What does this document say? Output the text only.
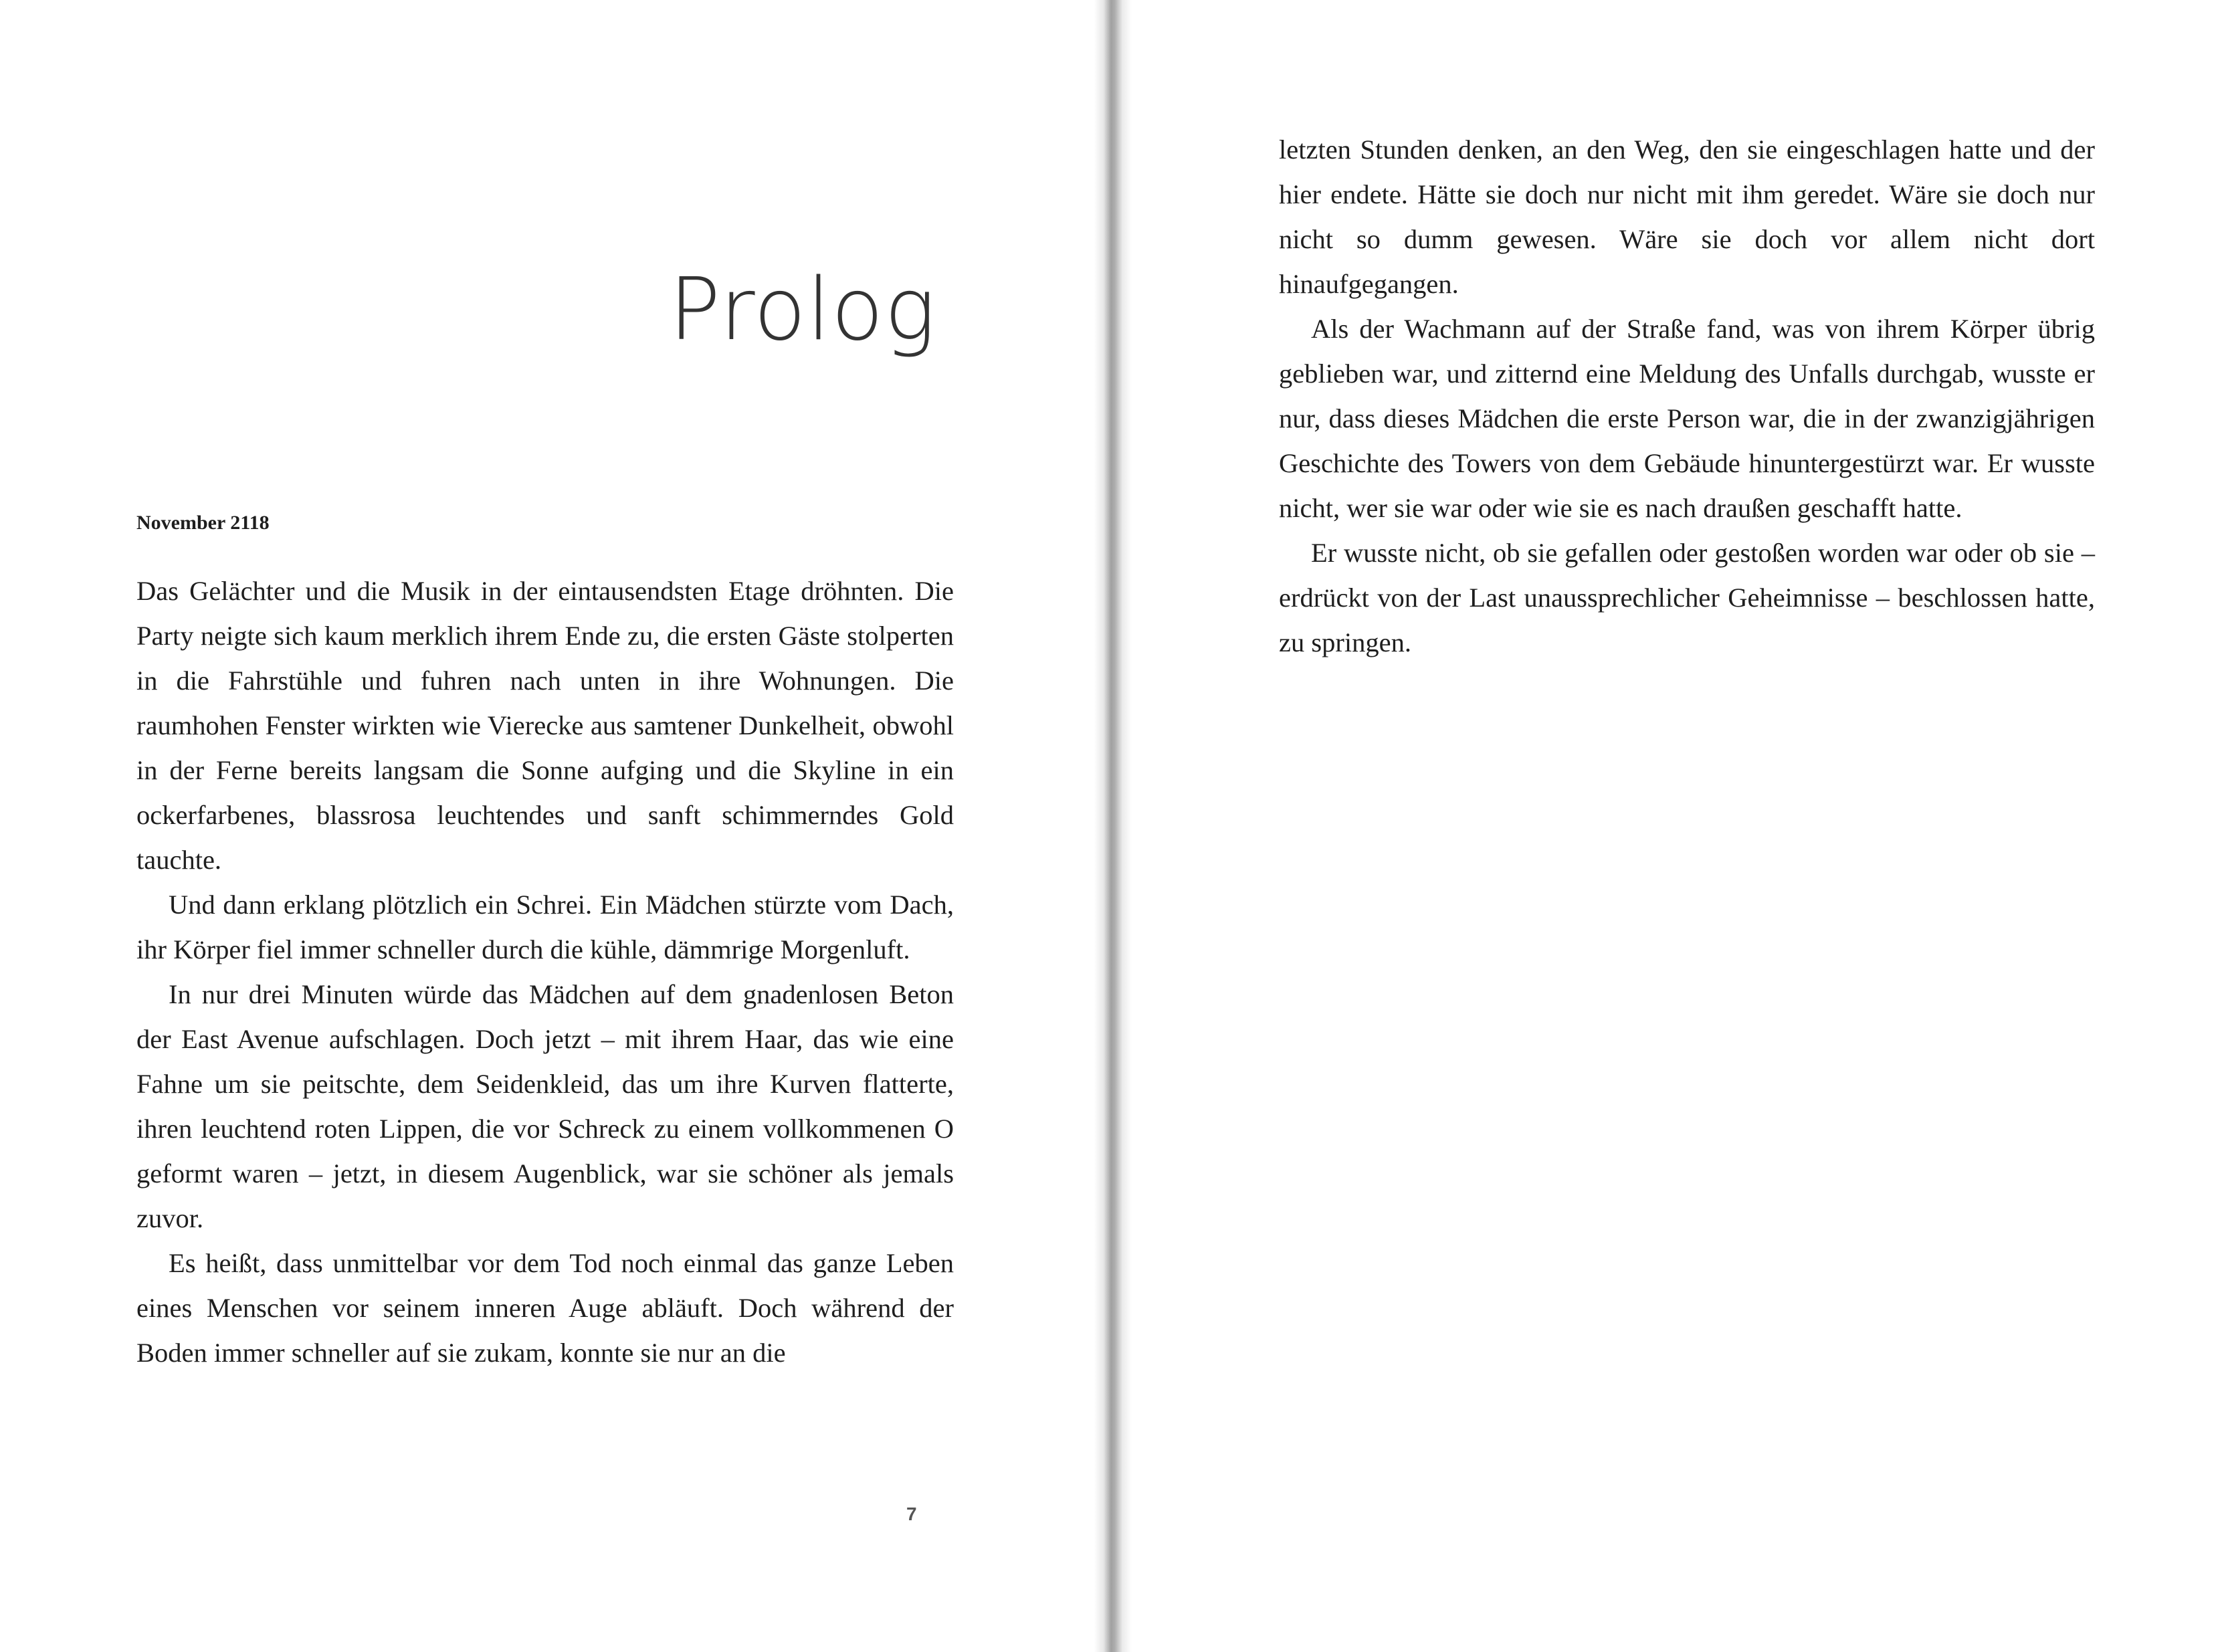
Prolog

November 2118

Das Gelächter und die Musik in der eintausendsten Etage dröhnten. Die Party neigte sich kaum merklich ihrem Ende zu, die ersten Gäste stolperten in die Fahrstühle und fuhren nach unten in ihre Wohnungen. Die raumhohen Fenster wirkten wie Vierecke aus samtener Dunkelheit, obwohl in der Ferne bereits langsam die Sonne aufging und die Skyline in ein ockerfarbenes, blassrosa leuchtendes und sanft schimmerndes Gold tauchte.

Und dann erklang plötzlich ein Schrei. Ein Mädchen stürzte vom Dach, ihr Körper fiel immer schneller durch die kühle, dämmrige Morgenluft.

In nur drei Minuten würde das Mädchen auf dem gnadenlosen Beton der East Avenue aufschlagen. Doch jetzt – mit ihrem Haar, das wie eine Fahne um sie peitschte, dem Seidenkleid, das um ihre Kurven flatterte, ihren leuchtend roten Lippen, die vor Schreck zu einem vollkommenen O geformt waren – jetzt, in diesem Augenblick, war sie schöner als jemals zuvor.

Es heißt, dass unmittelbar vor dem Tod noch einmal das ganze Leben eines Menschen vor seinem inneren Auge abläuft. Doch während der Boden immer schneller auf sie zukam, konnte sie nur an die

7

letzten Stunden denken, an den Weg, den sie eingeschlagen hatte und der hier endete. Hätte sie doch nur nicht mit ihm geredet. Wäre sie doch nur nicht so dumm gewesen. Wäre sie doch vor allem nicht dort hinaufgegangen.

Als der Wachmann auf der Straße fand, was von ihrem Körper übrig geblieben war, und zitternd eine Meldung des Unfalls durchgab, wusste er nur, dass dieses Mädchen die erste Person war, die in der zwanzigjährigen Geschichte des Towers von dem Gebäude hinuntergestürzt war. Er wusste nicht, wer sie war oder wie sie es nach draußen geschafft hatte.

Er wusste nicht, ob sie gefallen oder gestoßen worden war oder ob sie – erdrückt von der Last unaussprechlicher Geheimnisse – beschlossen hatte, zu springen.
